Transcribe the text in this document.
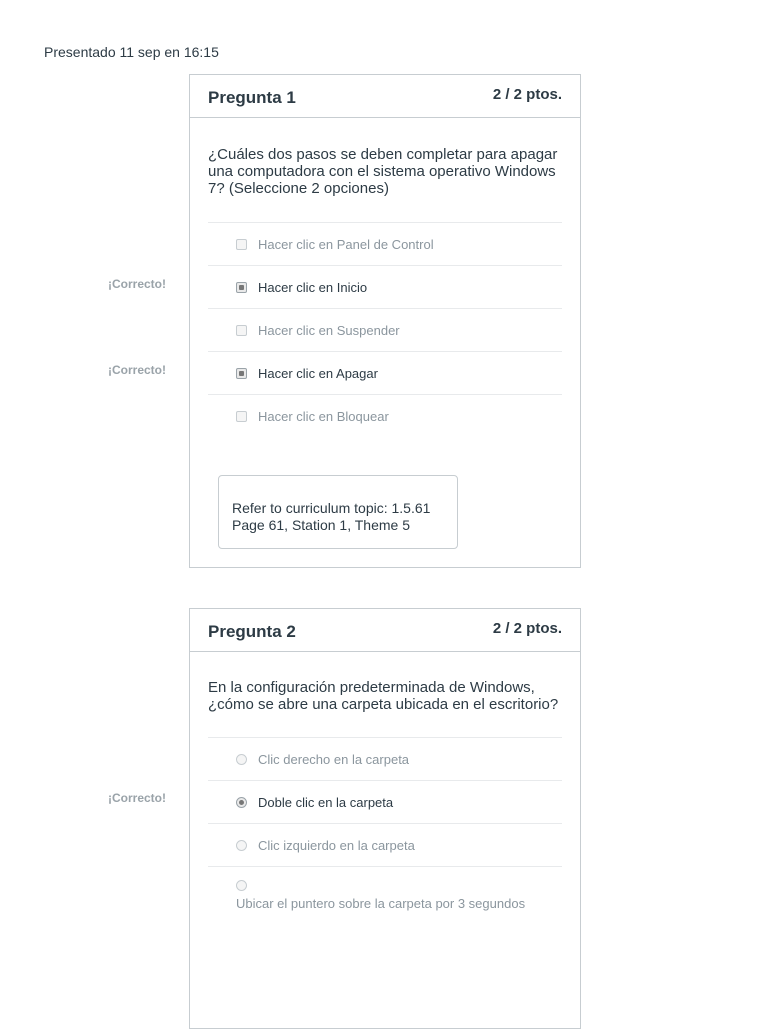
Presentado 11 sep en 16:15
Pregunta 1	2 / 2 ptos.
¿Cuáles dos pasos se deben completar para apagar una computadora con el sistema operativo Windows 7? (Seleccione 2 opciones)
Hacer clic en Panel de Control
Hacer clic en Inicio
Hacer clic en Suspender
Hacer clic en Apagar
Hacer clic en Bloquear
Refer to curriculum topic: 1.5.61
Page 61, Station 1, Theme 5
¡Correcto!
¡Correcto!
Pregunta 2	2 / 2 ptos.
En la configuración predeterminada de Windows, ¿cómo se abre una carpeta ubicada en el escritorio?
Clic derecho en la carpeta
Doble clic en la carpeta
Clic izquierdo en la carpeta
Ubicar el puntero sobre la carpeta por 3 segundos
¡Correcto!
